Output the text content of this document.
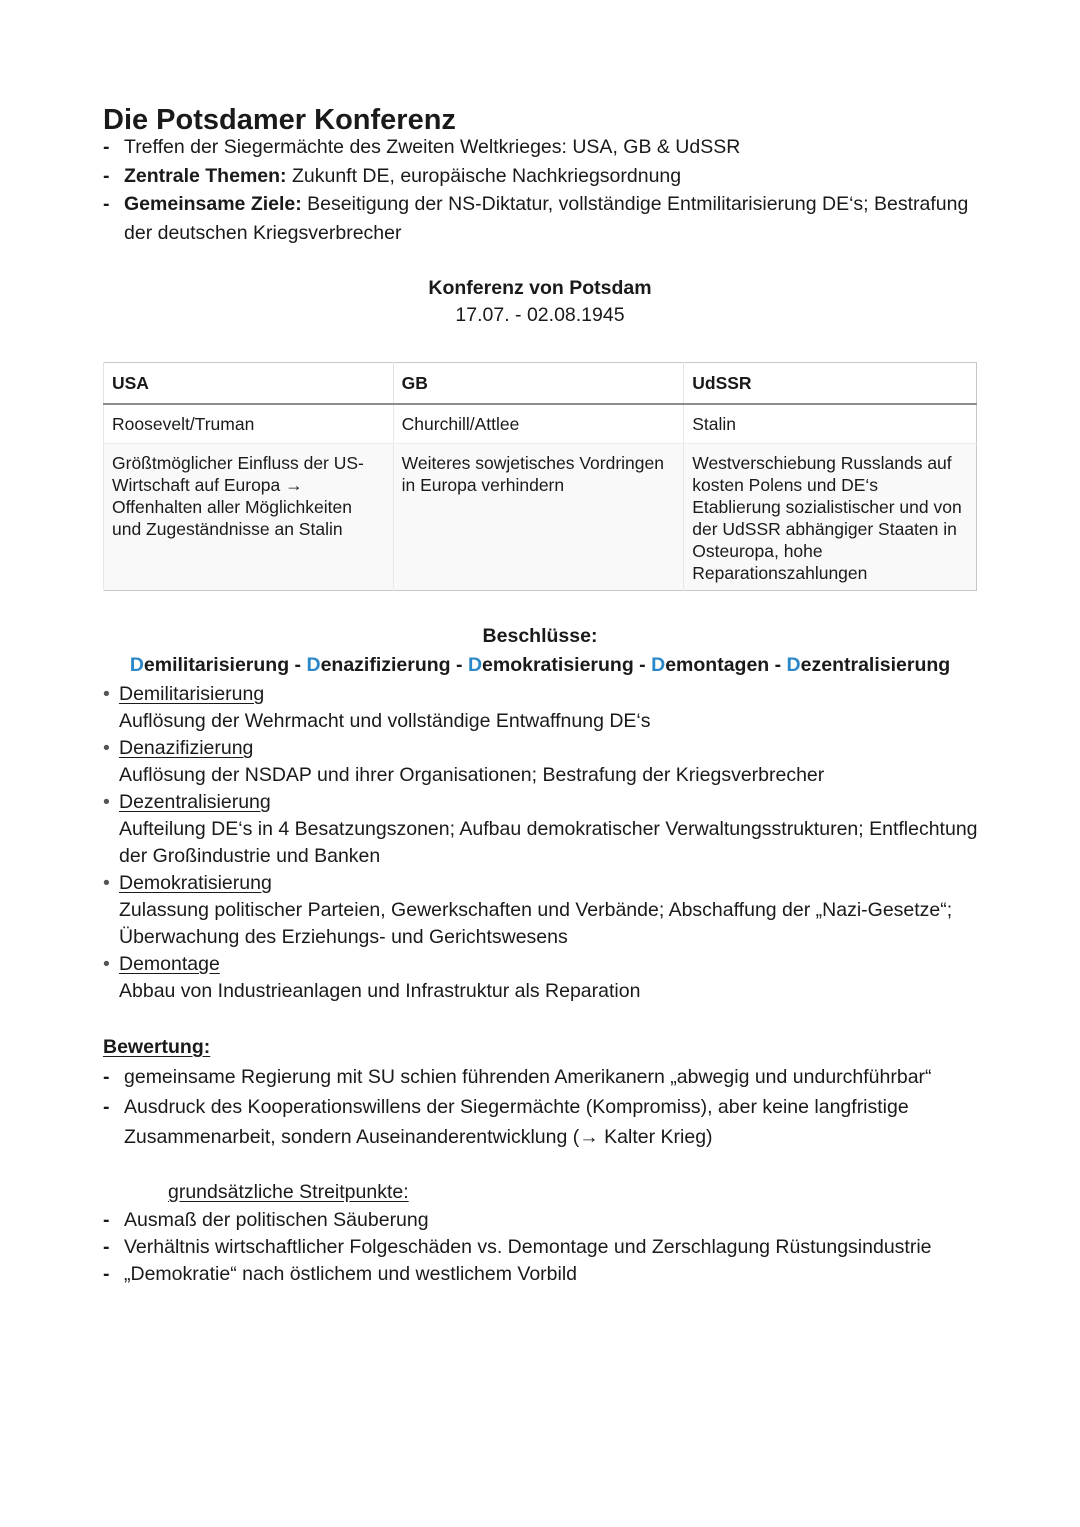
Die Potsdamer Konferenz
- Treffen der Siegermächte des Zweiten Weltkrieges: USA, GB & UdSSR
- Zentrale Themen: Zukunft DE, europäische Nachkriegsordnung
- Gemeinsame Ziele: Beseitigung der NS-Diktatur, vollständige Entmilitarisierung DE‘s; Bestrafung der deutschen Kriegsverbrecher
Konferenz von Potsdam
17.07. - 02.08.1945
USA	GB	UdSSR
Roosevelt/Truman	Churchill/Attlee	Stalin
Größtmöglicher Einfluss der US-Wirtschaft auf Europa → Offenhalten aller Möglichkeiten und Zugeständnisse an Stalin	Weiteres sowjetisches Vordringen in Europa verhindern	Westverschiebung Russlands auf kosten Polens und DE‘s Etablierung sozialistischer und von der UdSSR abhängiger Staaten in Osteuropa, hohe Reparationszahlungen
Beschlüsse:
Demilitarisierung - Denazifizierung - Demokratisierung - Demontagen - Dezentralisierung
• Demilitarisierung
Auflösung der Wehrmacht und vollständige Entwaffnung DE‘s
• Denazifizierung
Auflösung der NSDAP und ihrer Organisationen; Bestrafung der Kriegsverbrecher
• Dezentralisierung
Aufteilung DE‘s in 4 Besatzungszonen; Aufbau demokratischer Verwaltungsstrukturen; Entflechtung der Großindustrie und Banken
• Demokratisierung
Zulassung politischer Parteien, Gewerkschaften und Verbände; Abschaffung der „Nazi-Gesetze“; Überwachung des Erziehungs- und Gerichtswesens
• Demontage
Abbau von Industrieanlagen und Infrastruktur als Reparation
Bewertung:
- gemeinsame Regierung mit SU schien führenden Amerikanern „abwegig und undurchführbar“
- Ausdruck des Kooperationswillens der Siegermächte (Kompromiss), aber keine langfristige Zusammenarbeit, sondern Auseinanderentwicklung (→ Kalter Krieg)
grundsätzliche Streitpunkte:
- Ausmaß der politischen Säuberung
- Verhältnis wirtschaftlicher Folgeschäden vs. Demontage und Zerschlagung Rüstungsindustrie
- „Demokratie“ nach östlichem und westlichem Vorbild
